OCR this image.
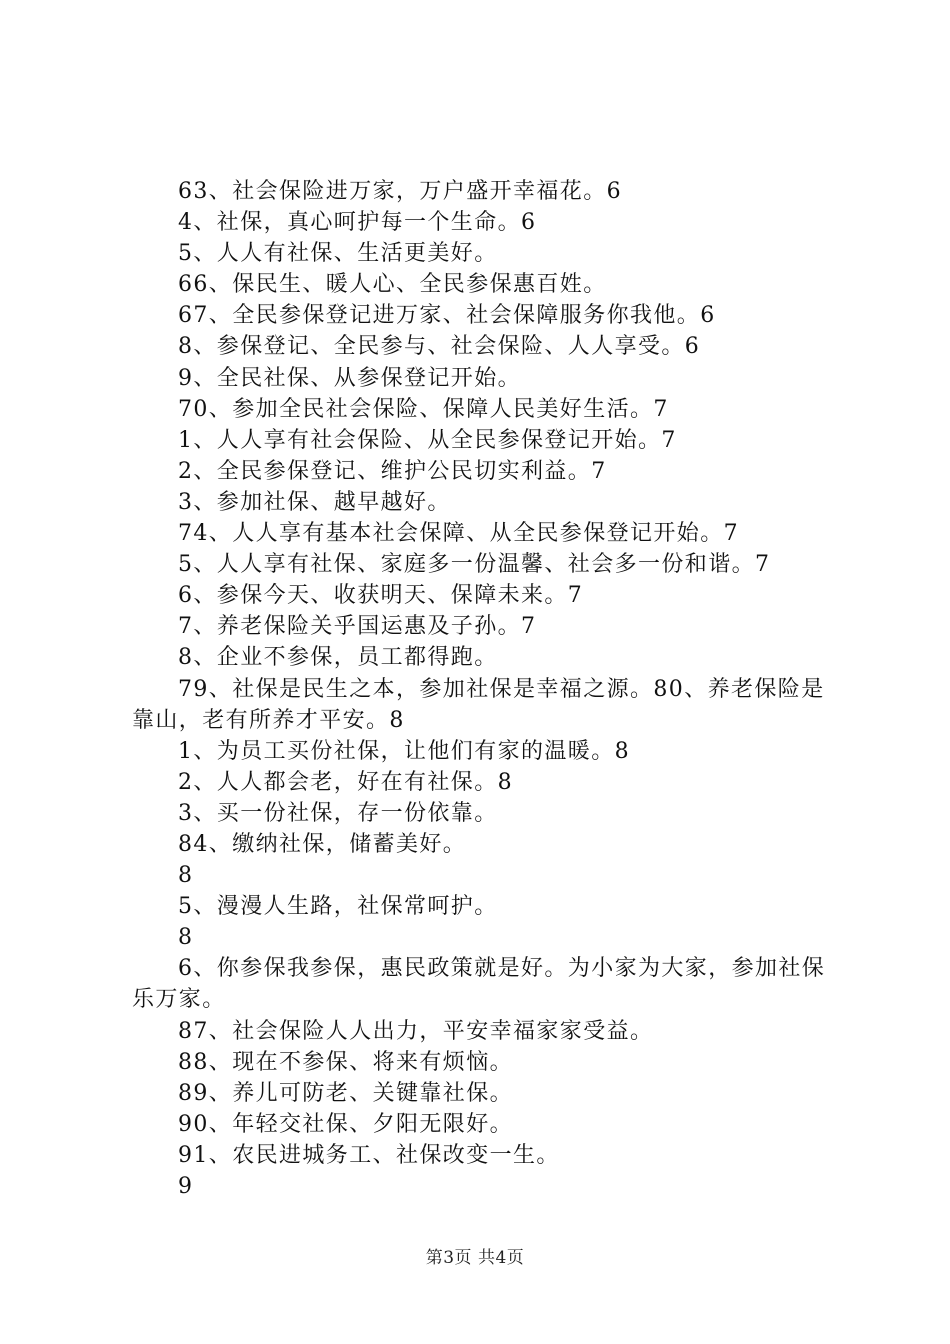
63、社会保险进万家，万户盛开幸福花。6

4、社保，真心呵护每一个生命。6

5、人人有社保、生活更美好。

66、保民生、暖人心、全民参保惠百姓。

67、全民参保登记进万家、社会保障服务你我他。6

8、参保登记、全民参与、社会保险、人人享受。6

9、全民社保、从参保登记开始。

70、参加全民社会保险、保障人民美好生活。7

1、人人享有社会保险、从全民参保登记开始。7

2、全民参保登记、维护公民切实利益。7

3、参加社保、越早越好。

74、人人享有基本社会保障、从全民参保登记开始。7

5、人人享有社保、家庭多一份温馨、社会多一份和谐。7

6、参保今天、收获明天、保障未来。7

7、养老保险关乎国运惠及子孙。7

8、企业不参保，员工都得跑。

79、社保是民生之本，参加社保是幸福之源。80、养老保险是靠山，老有所养才平安。8

1、为员工买份社保，让他们有家的温暖。8

2、人人都会老，好在有社保。8

3、买一份社保，存一份依靠。

84、缴纳社保，储蓄美好。

8

5、漫漫人生路，社保常呵护。

8

6、你参保我参保，惠民政策就是好。为小家为大家，参加社保乐万家。

87、社会保险人人出力，平安幸福家家受益。

88、现在不参保、将来有烦恼。

89、养儿可防老、关键靠社保。

90、年轻交社保、夕阳无限好。

91、农民进城务工、社保改变一生。

9

第3页 共4页
